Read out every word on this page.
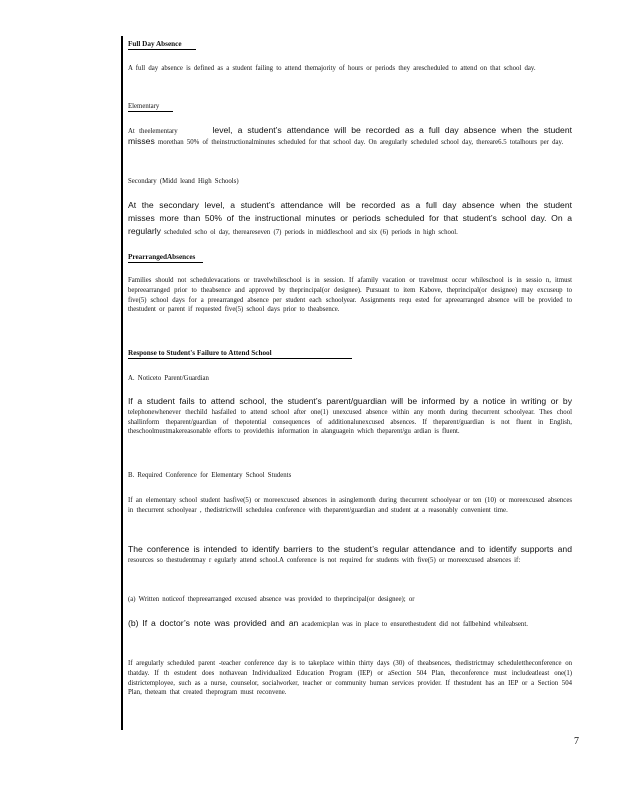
Full Day Absence
A full day absence is defined as a student failing to attend themajority of hours or periods they arescheduled to attend on that school day.
Elementary
At theelementary	level, a student’s attendance will be recorded as a full day absence when the student misses morethan 50% of theinstructionalminutes scheduled for that school day. On aregularly scheduled school day, thereare6.5 totalhours per day.
Secondary (Midd leand High Schools)
At the secondary level, a student’s attendance will be recorded as a full day absence when the student misses more than 50% of the instructional minutes or periods scheduled for that student’s school day. On a regularly scheduled scho ol day, thereareseven (7) periods in middleschool and six (6) periods in high school.
PrearrangedAbsences
Families should not schedulevacations or travelwhileschool is in session. If afamily vacation or travelmust occur whileschool is in sessio n, itmust bepreearranged prior to theabsence and approved by theprincipal(or designee). Pursuant to item Kabove, theprincipal(or designee) may excuseup to five(5) school days for a preearranged absence per student each schoolyear. Assignments requ ested for apreearranged absence will be provided to thestudent or parent if requested five(5) school days prior to theabsence.
Response to Student's Failure to Attend School
A. Noticeto Parent/Guardian
If a student fails to attend school, the student’s parent/guardian will be informed by a notice in writing or by telephonewhenever thechild hasfailed to attend school after one(1) unexcused absence within any month during thecurrent schoolyear. Thes chool shallinform theparent/guardian of thepotential consequences of additionalunexcused absences. If theparent/guardian is not fluent in English, theschoolmustmakereasonable efforts to providethis information in alanguagein which theparent/gu ardian is fluent.
B. Required Conference for Elementary School Students
If an elementary school student hasfive(5) or moreexcused absences in asinglemonth during thecurrent schoolyear or ten (10) or moreexcused absences in thecurrent schoolyear , thedistrictwill schedulea conference with theparent/guardian and student at a reasonably convenient time.
The conference is intended to identify barriers to the student’s regular attendance and to identify supports and resources so thestudentmay r egularly attend school.A conference is not required for students with five(5) or moreexcused absences if:
(a) Written noticeof thepreearranged excused absence was provided to theprincipal(or designee); or
(b) If a doctor’s note was provided and an academicplan was in place to ensurethestudent did not fallbehind whileabsent.
If aregularly scheduled parent -teacher conference day is to takeplace within thirty days (30) of theabsences, thedistrictmay schedulettheconference on thatday. If th estudent does nothavean Individualized Education Program (IEP) or aSection 504 Plan, theconference must includeatleast one(1) districtemployee, such as a nurse, counselor, socialworker, teacher or community human services provider. If thestudent has an IEP or a Section 504 Plan, theteam that created theprogram must reconvene.
7
